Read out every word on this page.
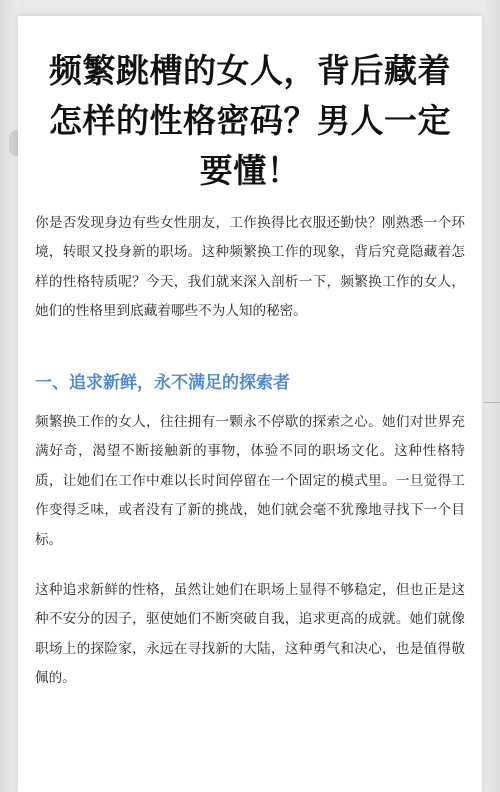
频繁跳槽的女人，背后藏着怎样的性格密码？男人一定要懂！

你是否发现身边有些女性朋友，工作换得比衣服还勤快？刚熟悉一个环境，转眼又投身新的职场。这种频繁换工作的现象，背后究竟隐藏着怎样的性格特质呢？今天，我们就来深入剖析一下，频繁换工作的女人，她们的性格里到底藏着哪些不为人知的秘密。

一、追求新鲜，永不满足的探索者

频繁换工作的女人，往往拥有一颗永不停歇的探索之心。她们对世界充满好奇，渴望不断接触新的事物，体验不同的职场文化。这种性格特质，让她们在工作中难以长时间停留在一个固定的模式里。一旦觉得工作变得乏味，或者没有了新的挑战，她们就会毫不犹豫地寻找下一个目标。

这种追求新鲜的性格，虽然让她们在职场上显得不够稳定，但也正是这种不安分的因子，驱使她们不断突破自我，追求更高的成就。她们就像职场上的探险家，永远在寻找新的大陆，这种勇气和决心，也是值得敬佩的。
